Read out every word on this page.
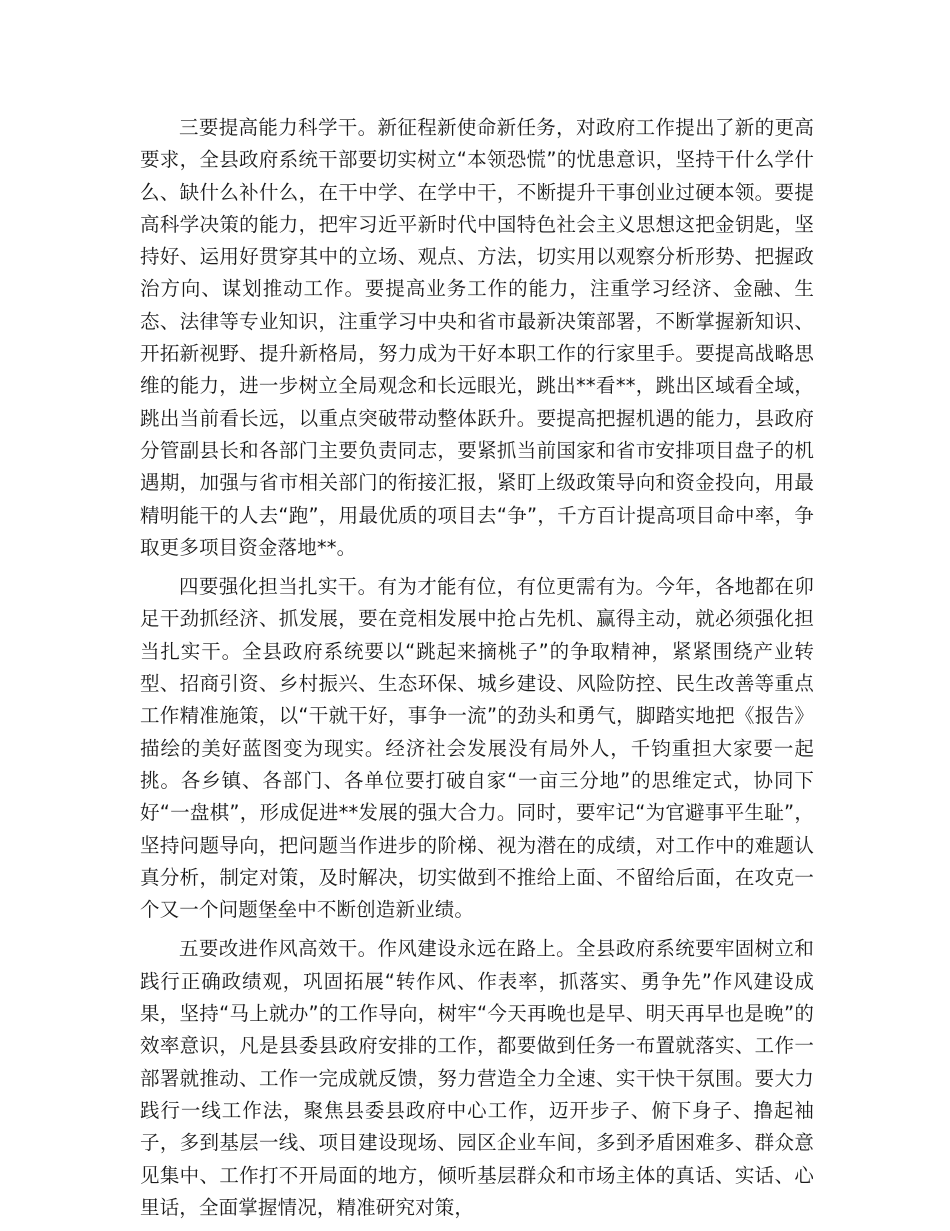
三要提高能力科学干。新征程新使命新任务，对政府工作提出了新的更高要求，全县政府系统干部要切实树立“本领恐慌”的忧患意识，坚持干什么学什么、缺什么补什么，在干中学、在学中干，不断提升干事创业过硬本领。要提高科学决策的能力，把牢习近平新时代中国特色社会主义思想这把金钥匙，坚持好、运用好贯穿其中的立场、观点、方法，切实用以观察分析形势、把握政治方向、谋划推动工作。要提高业务工作的能力，注重学习经济、金融、生态、法律等专业知识，注重学习中央和省市最新决策部署，不断掌握新知识、开拓新视野、提升新格局，努力成为干好本职工作的行家里手。要提高战略思维的能力，进一步树立全局观念和长远眼光，跳出**看**，跳出区域看全域，跳出当前看长远，以重点突破带动整体跃升。要提高把握机遇的能力，县政府分管副县长和各部门主要负责同志，要紧抓当前国家和省市安排项目盘子的机遇期，加强与省市相关部门的衔接汇报，紧盯上级政策导向和资金投向，用最精明能干的人去“跑”，用最优质的项目去“争”，千方百计提高项目命中率，争取更多项目资金落地**。

四要强化担当扎实干。有为才能有位，有位更需有为。今年，各地都在卯足干劲抓经济、抓发展，要在竞相发展中抢占先机、赢得主动，就必须强化担当扎实干。全县政府系统要以“跳起来摘桃子”的争取精神，紧紧围绕产业转型、招商引资、乡村振兴、生态环保、城乡建设、风险防控、民生改善等重点工作精准施策，以“干就干好，事争一流”的劲头和勇气，脚踏实地把《报告》描绘的美好蓝图变为现实。经济社会发展没有局外人，千钧重担大家要一起挑。各乡镇、各部门、各单位要打破自家“一亩三分地”的思维定式，协同下好“一盘棋”，形成促进**发展的强大合力。同时，要牢记“为官避事平生耻”，坚持问题导向，把问题当作进步的阶梯、视为潜在的成绩，对工作中的难题认真分析，制定对策，及时解决，切实做到不推给上面、不留给后面，在攻克一个又一个问题堡垒中不断创造新业绩。

五要改进作风高效干。作风建设永远在路上。全县政府系统要牢固树立和践行正确政绩观，巩固拓展“转作风、作表率，抓落实、勇争先”作风建设成果，坚持“马上就办”的工作导向，树牢“今天再晚也是早、明天再早也是晚”的效率意识，凡是县委县政府安排的工作，都要做到任务一布置就落实、工作一部署就推动、工作一完成就反馈，努力营造全力全速、实干快干氛围。要大力践行一线工作法，聚焦县委县政府中心工作，迈开步子、俯下身子、撸起袖子，多到基层一线、项目建设现场、园区企业车间，多到矛盾困难多、群众意见集中、工作打不开局面的地方，倾听基层群众和市场主体的真话、实话、心里话，全面掌握情况，精准研究对策，
